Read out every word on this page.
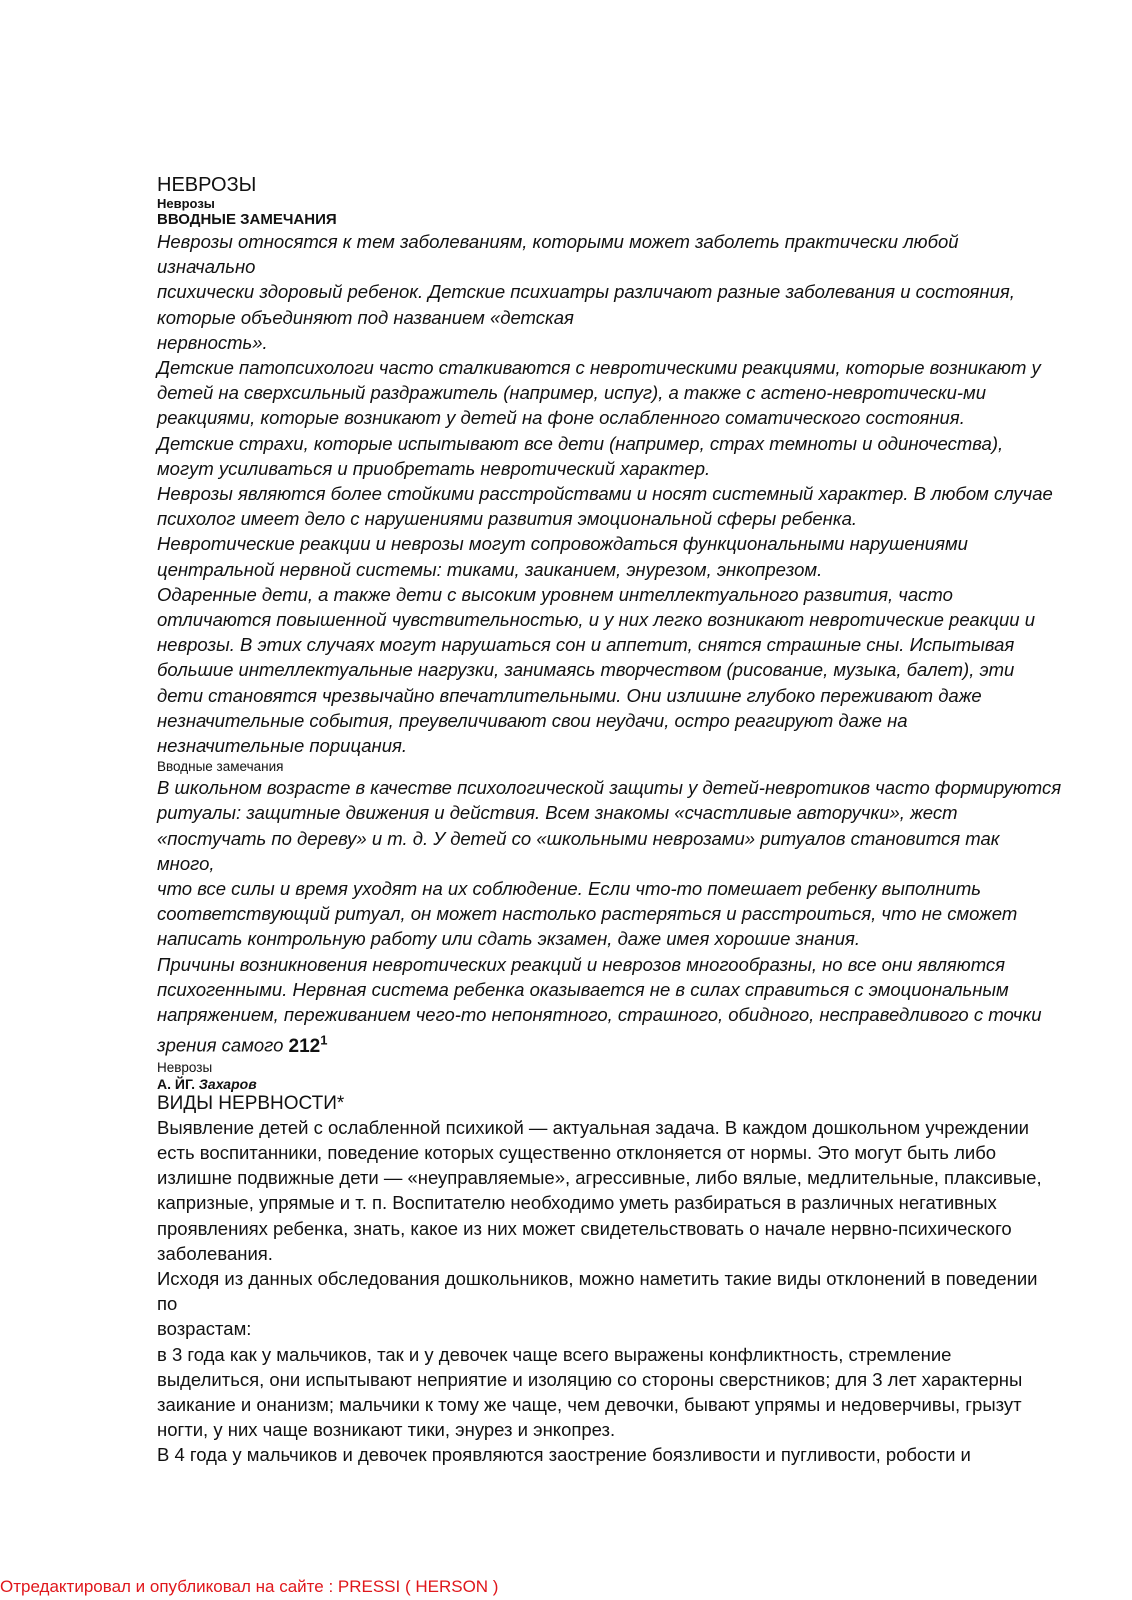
НЕВРОЗЫ
Неврозы
ВВОДНЫЕ ЗАМЕЧАНИЯ

Неврозы относятся к тем заболеваниям, которыми может заболеть практически любой изначально

психически здоровый ребенок. Детские психиатры различают разные заболевания и состояния,

которые объединяют под названием «детская

нервность».

Детские патопсихологи часто сталкиваются с невротическими реакциями, которые возникают у

детей на сверхсильный раздражитель (например, испуг), а также с астено-невротически-ми

реакциями, которые возникают у детей на фоне ослабленного соматического состояния.

Детские страхи, которые испытывают все дети (например, страх темноты и одиночества),

могут усиливаться и приобретать невротический характер.

Неврозы являются более стойкими расстройствами и носят системный характер. В любом случае

психолог имеет дело с нарушениями развития эмоциональной сферы ребенка.

Невротические реакции и неврозы могут сопровождаться функциональными нарушениями

центральной нервной системы: тиками, заиканием, энурезом, энкопрезом.

Одаренные дети, а также дети с высоким уровнем интеллектуального развития, часто

отличаются повышенной чувствительностью, и у них легко возникают невротические реакции и

неврозы. В этих случаях могут нарушаться сон и аппетит, снятся страшные сны. Испытывая

большие интеллектуальные нагрузки, занимаясь творчеством (рисование, музыка, балет), эти

дети становятся чрезвычайно впечатлительными. Они излишне глубоко переживают даже

незначительные события, преувеличивают свои неудачи, остро реагируют даже на

незначительные порицания.

Вводные замечания

В школьном возрасте в качестве психологической защиты у детей-невротиков часто формируются

ритуалы: защитные движения и действия. Всем знакомы «счастливые авторучки», жест

«постучать по дереву» и т. д. У детей со «школьными неврозами» ритуалов становится так много,

что все силы и время уходят на их соблюдение. Если что-то помешает ребенку выполнить

соответствующий ритуал, он может настолько растеряться и расстроиться, что не сможет

написать контрольную работу или сдать экзамен, даже имея хорошие знания.

Причины возникновения невротических реакций и неврозов многообразны, но все они являются

психогенными. Нервная система ребенка оказывается не в силах справиться с эмоциональным

напряжением, переживанием чего-то непонятного, страшного, обидного, несправедливого с точки

зрения самого $212^1$

Неврозы
А. ЙГ. Захаров
ВИДЫ НЕРВНОСТИ*

Выявление детей с ослабленной психикой — актуальная задача. В каждом дошкольном учреждении

есть воспитанники, поведение которых существенно отклоняется от нормы. Это могут быть либо

излишне подвижные дети — «неуправляемые», агрессивные, либо вялые, медлительные, плаксивые,

капризные, упрямые и т. п. Воспитателю необходимо уметь разбираться в различных негативных

проявлениях ребенка, знать, какое из них может свидетельствовать о начале нервно-психического

заболевания.

Исходя из данных обследования дошкольников, можно наметить такие виды отклонений в поведении по

возрастам:

в 3 года как у мальчиков, так и у девочек чаще всего выражены конфликтность, стремление

выделиться, они испытывают неприятие и изоляцию со стороны сверстников; для 3 лет характерны

заикание и онанизм; мальчики к тому же чаще, чем девочки, бывают упрямы и недоверчивы, грызут

ногти, у них чаще возникают тики, энурез и энкопрез.

В 4 года у мальчиков и девочек проявляются заострение боязливости и пугливости, робости и

Отредактировал и опубликовал на сайте : PRESSI ( HERSON )
